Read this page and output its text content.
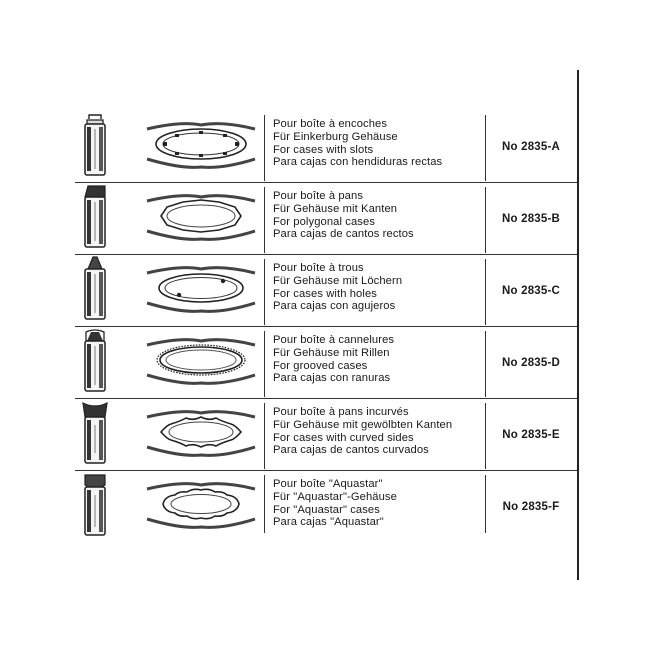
Pour boîte à encoches
Für Einkerburg Gehäuse
For cases with slots
Para cajas con hendiduras rectas
No 2835-A
Pour boîte à pans
Für Gehäuse mit Kanten
For polygonal cases
Para cajas de cantos rectos
No 2835-B
Pour boîte à trous
Für Gehäuse mit Löchern
For cases with holes
Para cajas con agujeros
No 2835-C
Pour boîte à cannelures
Für Gehäuse mit Rillen
For grooved cases
Para cajas con ranuras
No 2835-D
Pour boîte à pans incurvés
Für Gehäuse mit gewölbten Kanten
For cases with curved sides
Para cajas de cantos curvados
No 2835-E
Pour boîte "Aquastar"
Für "Aquastar"-Gehäuse
For "Aquastar" cases
Para cajas "Aquastar"
No 2835-F
